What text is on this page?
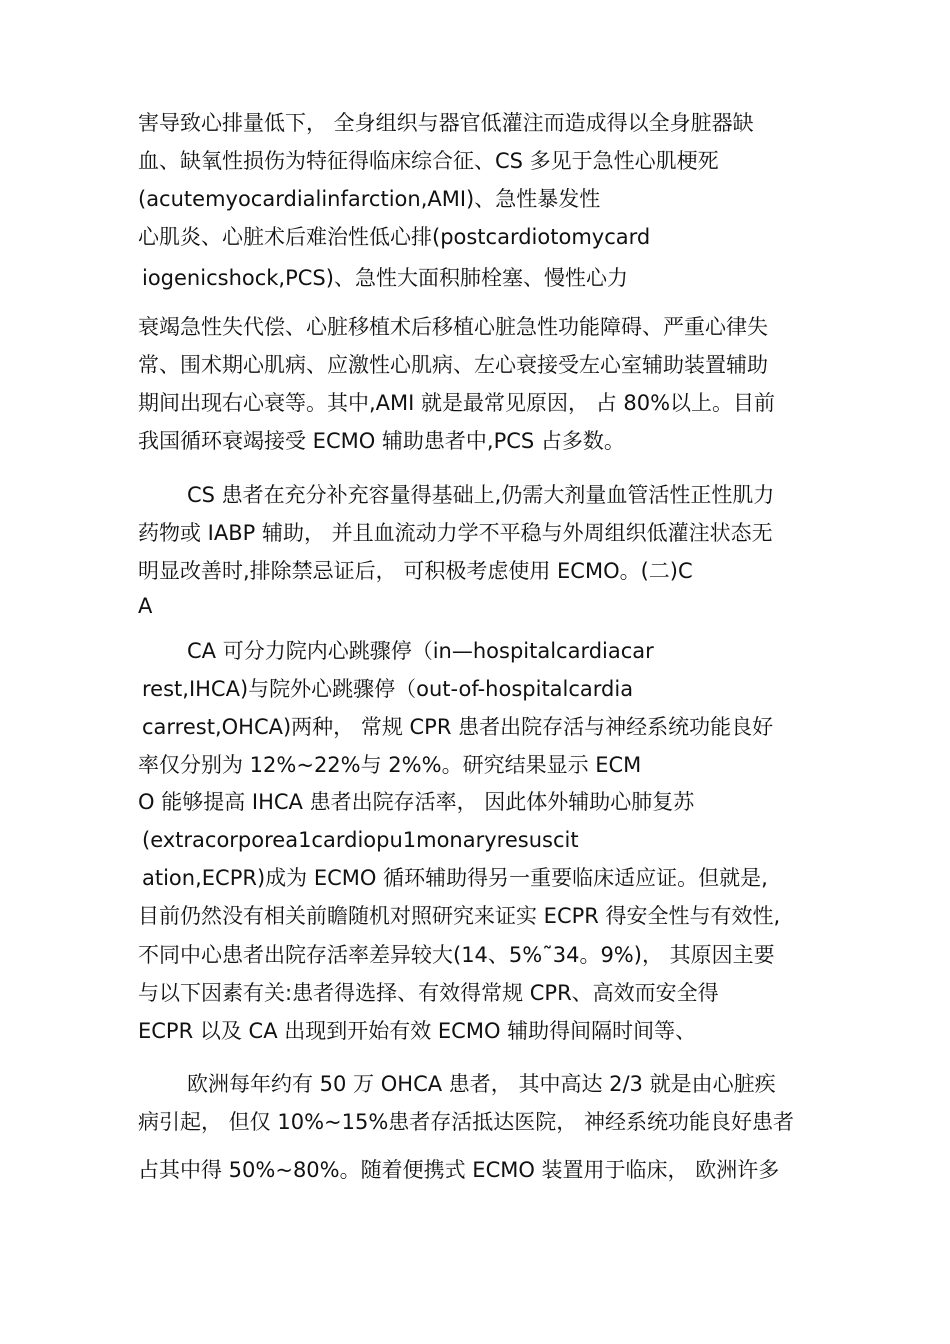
害导致心排量低下， 全身组织与器官低灌注而造成得以全身脏器缺
血、缺氧性损伤为特征得临床综合征、CS 多见于急性心肌梗死
(acutemyocardialinfarction,AMI)、急性暴发性
心肌炎、心脏术后难治性低心排(postcardiotomycard
iogenicshock,PCS)、急性大面积肺栓塞、慢性心力
衰竭急性失代偿、心脏移植术后移植心脏急性功能障碍、严重心律失
常、围术期心肌病、应激性心肌病、左心衰接受左心室辅助装置辅助
期间出现右心衰等。其中,AMI 就是最常见原因， 占 80%以上。目前
我国循环衰竭接受 ECMO 辅助患者中,PCS 占多数。
CS 患者在充分补充容量得基础上,仍需大剂量血管活性正性肌力
药物或 IABP 辅助， 并且血流动力学不平稳与外周组织低灌注状态无
明显改善时,排除禁忌证后， 可积极考虑使用 ECMO。(二)C
A
CA 可分力院内心跳骤停（in—hospitalcardiacar
rest,IHCA)与院外心跳骤停（out-of-hospitalcardia
carrest,OHCA)两种， 常规 CPR 患者出院存活与神经系统功能良好
率仅分别为 12%~22%与 2%%。研究结果显示 ECM
O 能够提高 IHCA 患者出院存活率， 因此体外辅助心肺复苏
(extracorporea1cardiopu1monaryresuscit
ation,ECPR)成为 ECMO 循环辅助得另一重要临床适应证。但就是,
目前仍然没有相关前瞻随机对照研究来证实 ECPR 得安全性与有效性,
不同中心患者出院存活率差异较大(14、5%˜34。9%)， 其原因主要
与以下因素有关:患者得选择、有效得常规 CPR、高效而安全得
ECPR 以及 CA 出现到开始有效 ECMO 辅助得间隔时间等、
欧洲每年约有 50 万 OHCA 患者， 其中高达 2/3 就是由心脏疾
病引起， 但仅 10%~15%患者存活抵达医院， 神经系统功能良好患者
占其中得 50%~80%。随着便携式 ECMO 装置用于临床， 欧洲许多
